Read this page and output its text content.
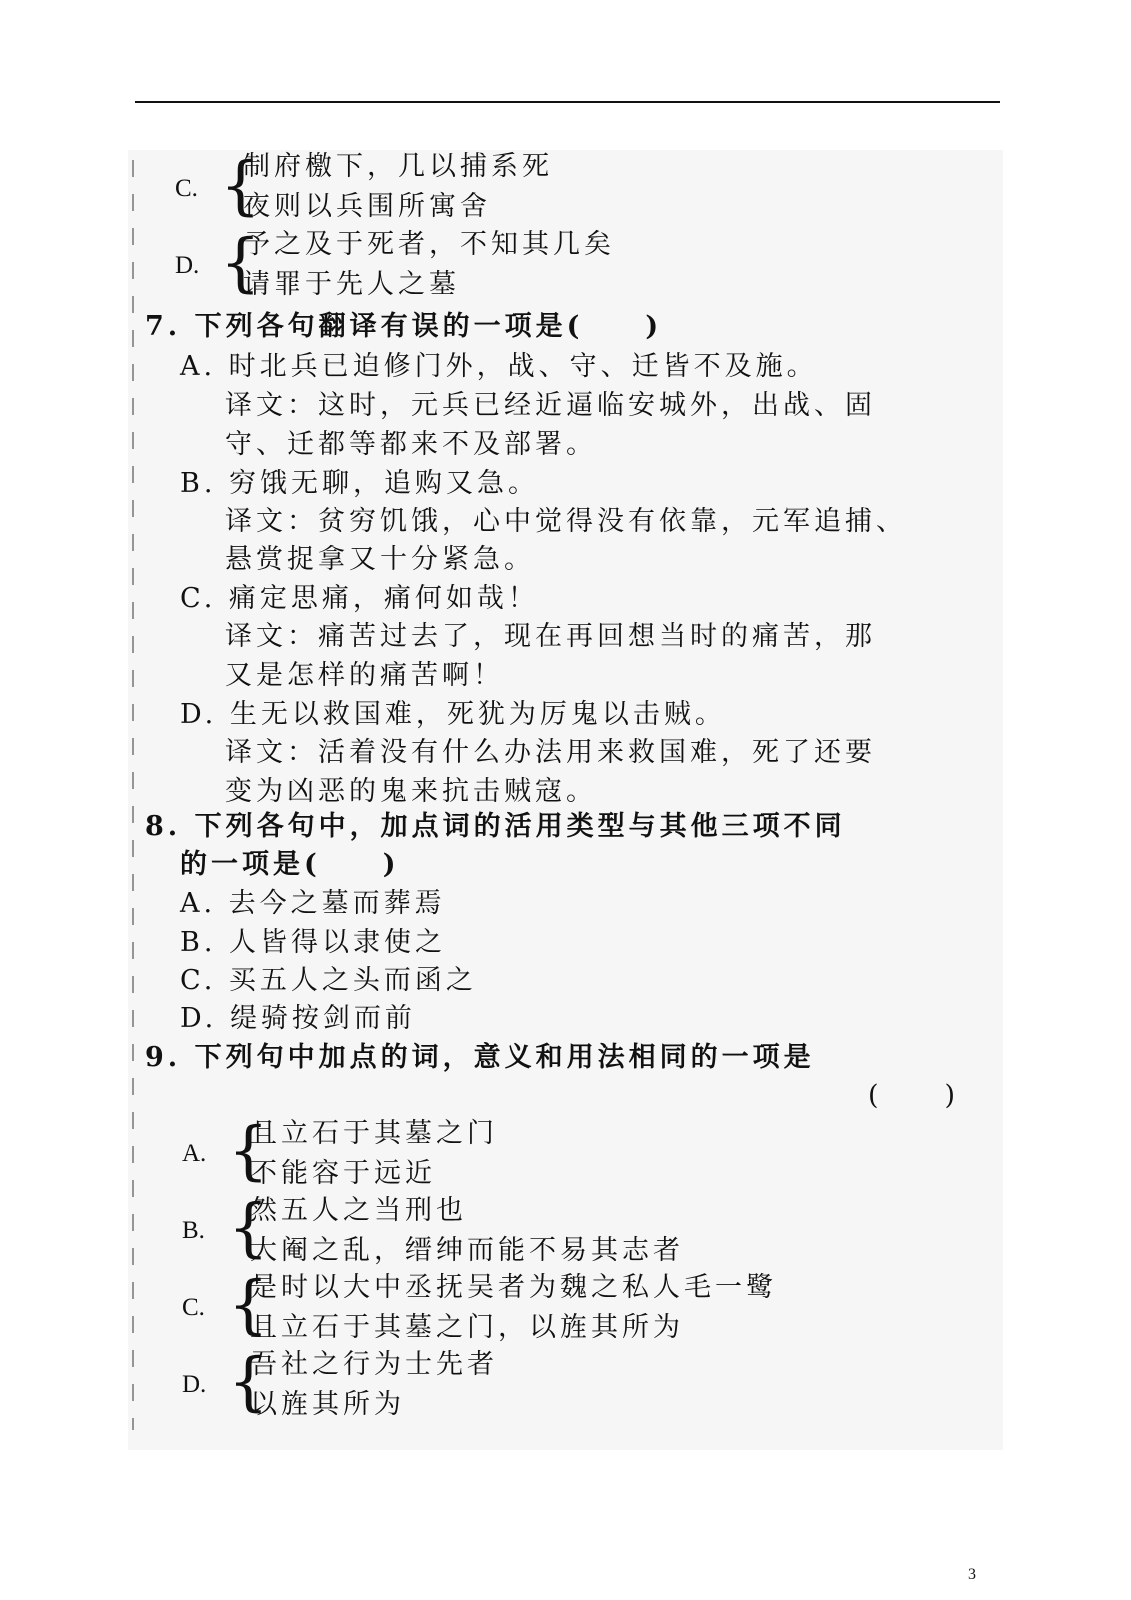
C. {
制府檄下，几以捕系死
夜则以兵围所寓舍
D. {
予之及于死者，不知其几矣
请罪于先人之墓
7. 下列各句翻译有误的一项是(　　)
A. 时北兵已迫修门外，战、守、迁皆不及施。
译文：这时，元兵已经近逼临安城外，出战、固
守、迁都等都来不及部署。
B. 穷饿无聊，追购又急。
译文：贫穷饥饿，心中觉得没有依靠，元军追捕、
悬赏捉拿又十分紧急。
C. 痛定思痛，痛何如哉！
译文：痛苦过去了，现在再回想当时的痛苦，那
又是怎样的痛苦啊！
D. 生无以救国难，死犹为厉鬼以击贼。
译文：活着没有什么办法用来救国难，死了还要
变为凶恶的鬼来抗击贼寇。
8. 下列各句中，加点词的活用类型与其他三项不同
的一项是(　　)
A. 去今之墓而葬焉
B. 人皆得以隶使之
C. 买五人之头而函之
D. 缇骑按剑而前
9. 下列句中加点的词，意义和用法相同的一项是
(　　)
A. {
且立石于其墓之门
不能容于远近
B. {
然五人之当刑也
大阉之乱，缙绅而能不易其志者
C. {
是时以大中丞抚吴者为魏之私人毛一鹭
且立石于其墓之门，以旌其所为
D. {
吾社之行为士先者
以旌其所为
3
